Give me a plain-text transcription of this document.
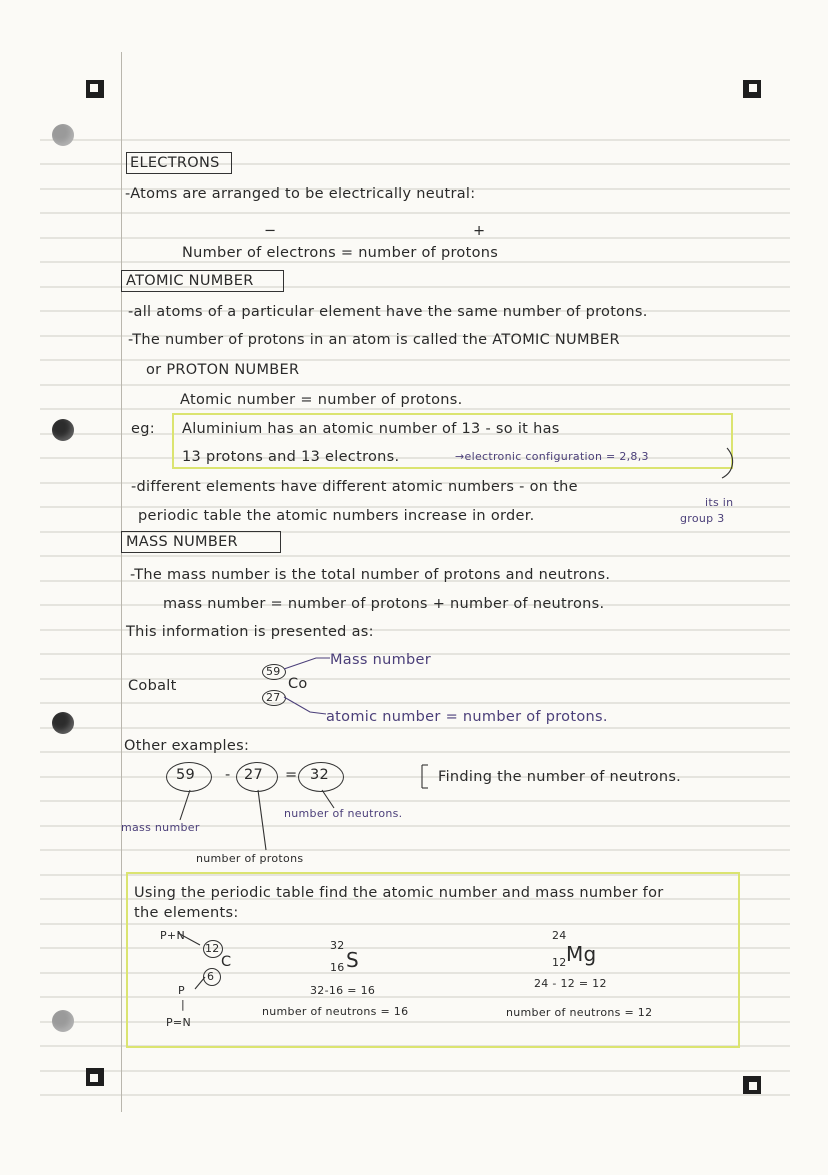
ELECTRONS
-Atoms are arranged to be electrically neutral:
−	+
Number of electrons = number of protons
ATOMIC NUMBER
-all atoms of a particular element have the same number of protons.
-The number of protons in an atom is called the ATOMIC NUMBER
or PROTON NUMBER
Atomic number = number of protons.
eg: Aluminium has an atomic number of 13 - so it has
13 protons and 13 electrons.	→electronic configuration = 2,8,3
its in
group 3
-different elements have different atomic numbers - on the
periodic table the atomic numbers increase in order.
MASS NUMBER
-The mass number is the total number of protons and neutrons.
mass number = number of protons + number of neutrons.
This information is presented as:
Cobalt
59
Co
27
Mass number
atomic number = number of protons.
Other examples:
59 - 27 = 32	Finding the number of neutrons.
number of neutrons.
mass number
number of protons
Using the periodic table find the atomic number and mass number for
the elements:
P+N
12
C
6
P
|
P=N
32
16 S
32-16 = 16
number of neutrons = 16
24
12 Mg
24 - 12 = 12
number of neutrons = 12
